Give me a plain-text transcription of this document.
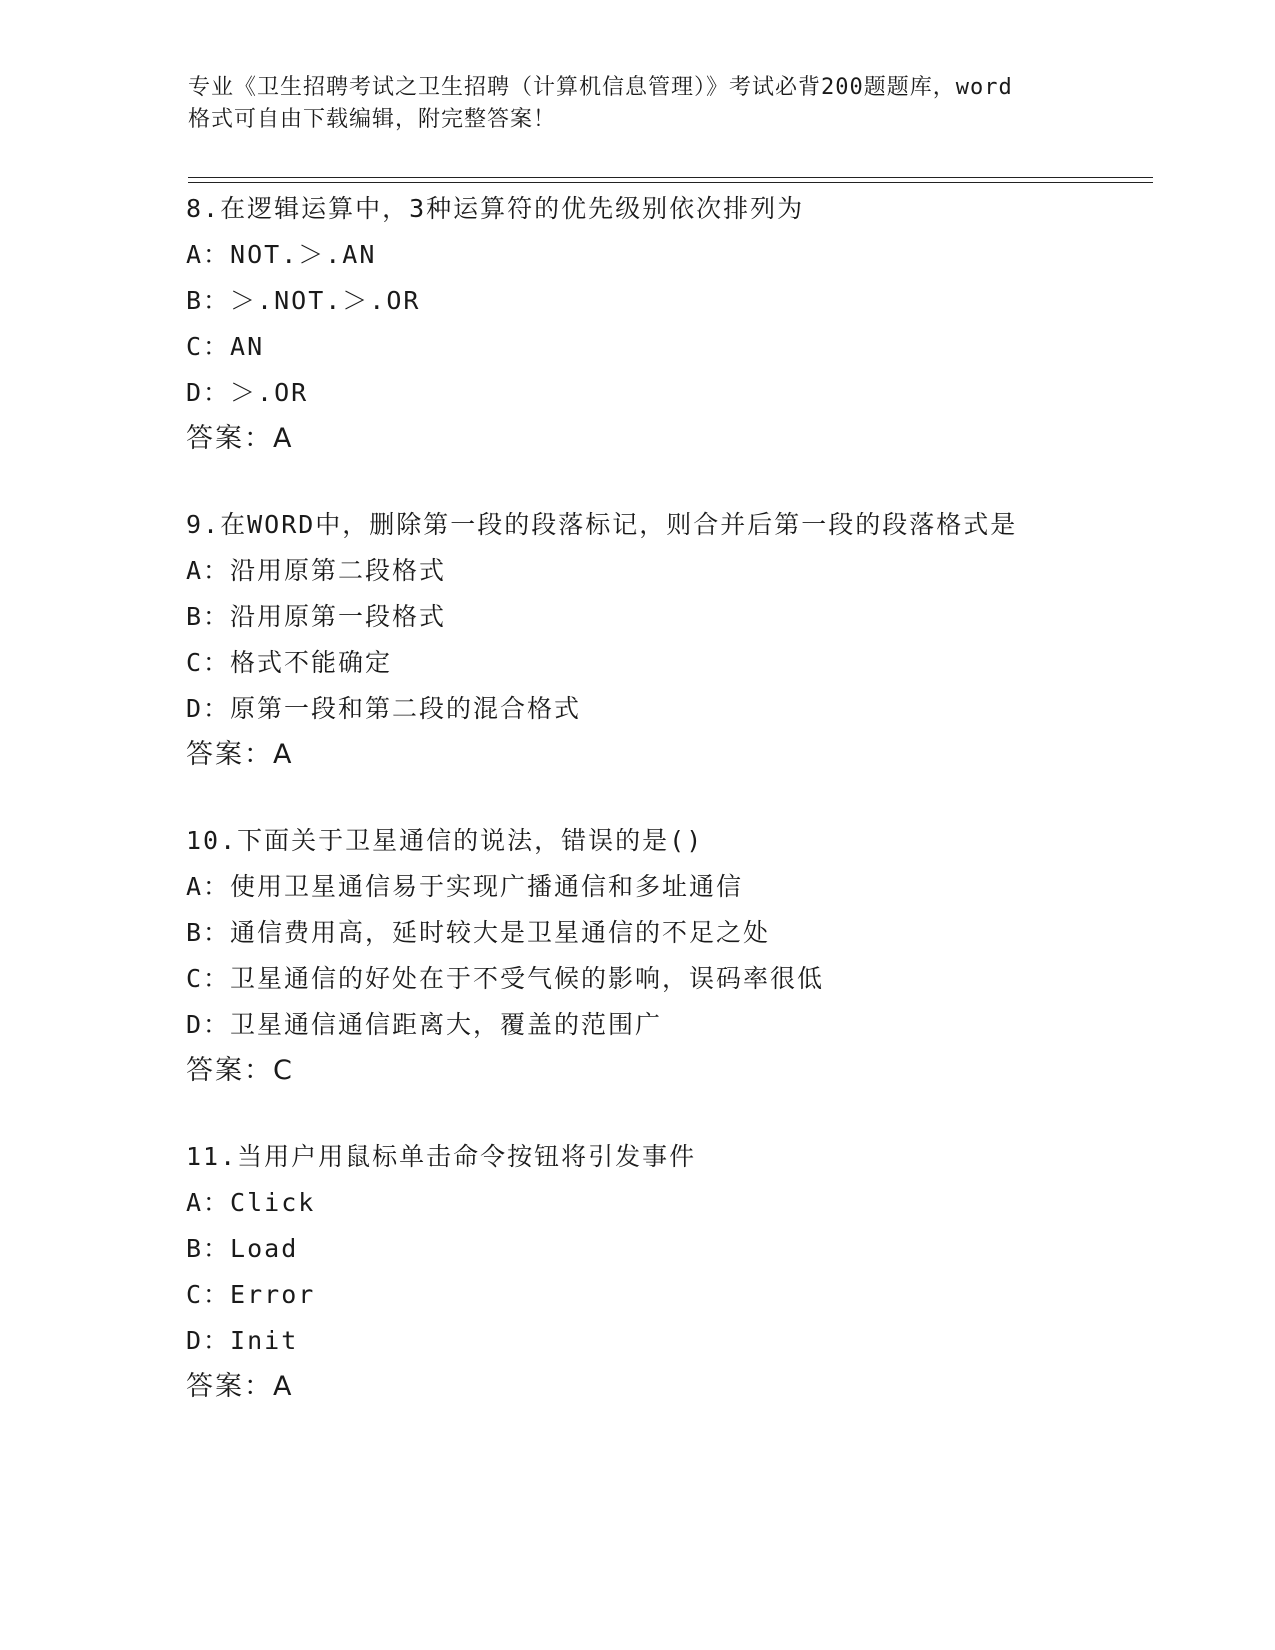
专业《卫生招聘考试之卫生招聘（计算机信息管理）》考试必背200题题库，word
格式可自由下载编辑，附完整答案！
8.在逻辑运算中，3种运算符的优先级别依次排列为
A：NOT.＞.AN
B：＞.NOT.＞.OR
C：AN
D：＞.OR
答案：A
9.在WORD中，删除第一段的段落标记，则合并后第一段的段落格式是
A：沿用原第二段格式
B：沿用原第一段格式
C：格式不能确定
D：原第一段和第二段的混合格式
答案：A
10.下面关于卫星通信的说法，错误的是()
A：使用卫星通信易于实现广播通信和多址通信
B：通信费用高，延时较大是卫星通信的不足之处
C：卫星通信的好处在于不受气候的影响，误码率很低
D：卫星通信通信距离大，覆盖的范围广
答案：C
11.当用户用鼠标单击命令按钮将引发事件
A：Click
B：Load
C：Error
D：Init
答案：A
